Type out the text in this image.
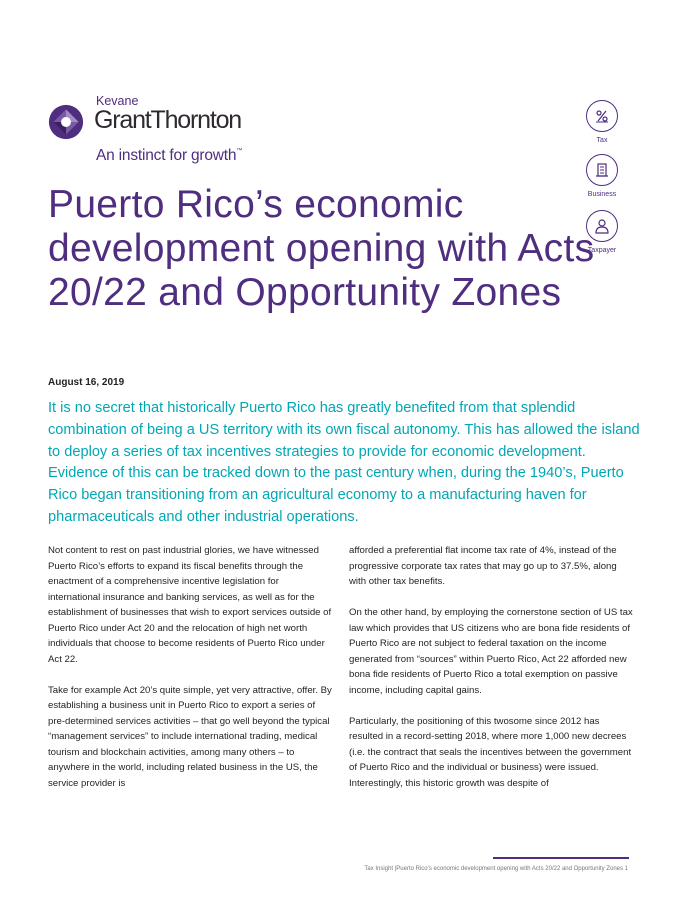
Kevane
GrantThornton
An instinct for growth™
Tax
Business
Taxpayer
Puerto Rico’s economic development opening with Acts 20/22 and Opportunity Zones
August 16, 2019

It is no secret that historically Puerto Rico has greatly benefited from that splendid combination of being a US territory with its own fiscal autonomy. This has allowed the island to deploy a series of tax incentives strategies to provide for economic development. Evidence of this can be tracked down to the past century when, during the 1940’s, Puerto Rico began transitioning from an agricultural economy to a manufacturing haven for pharmaceuticals and other industrial operations.

Not content to rest on past industrial glories, we have witnessed Puerto Rico’s efforts to expand its fiscal benefits through the enactment of a comprehensive incentive legislation for international insurance and banking services, as well as for the establishment of businesses that wish to export services outside of Puerto Rico under Act 20 and the relocation of high net worth individuals that choose to become residents of Puerto Rico under Act 22.

Take for example Act 20’s quite simple, yet very attractive, offer. By establishing a business unit in Puerto Rico to export a series of pre-determined services activities – that go well beyond the typical “management services” to include international trading, medical tourism and blockchain activities, among many others – to anywhere in the world, including related business in the US, the service provider is

afforded a preferential flat income tax rate of 4%, instead of the progressive corporate tax rates that may go up to 37.5%, along with other tax benefits.

On the other hand, by employing the cornerstone section of US tax law which provides that US citizens who are bona fide residents of Puerto Rico are not subject to federal taxation on the income generated from “sources” within Puerto Rico, Act 22 afforded new bona fide residents of Puerto Rico a total exemption on passive income, including capital gains.

Particularly, the positioning of this twosome since 2012 has resulted in a record-setting 2018, where more 1,000 new decrees (i.e. the contract that seals the incentives between the government of Puerto Rico and the individual or business) were issued. Interestingly, this historic growth was despite of

Tax Insight |Puerto Rico’s economic development opening with Acts 20/22 and Opportunity Zones 1
